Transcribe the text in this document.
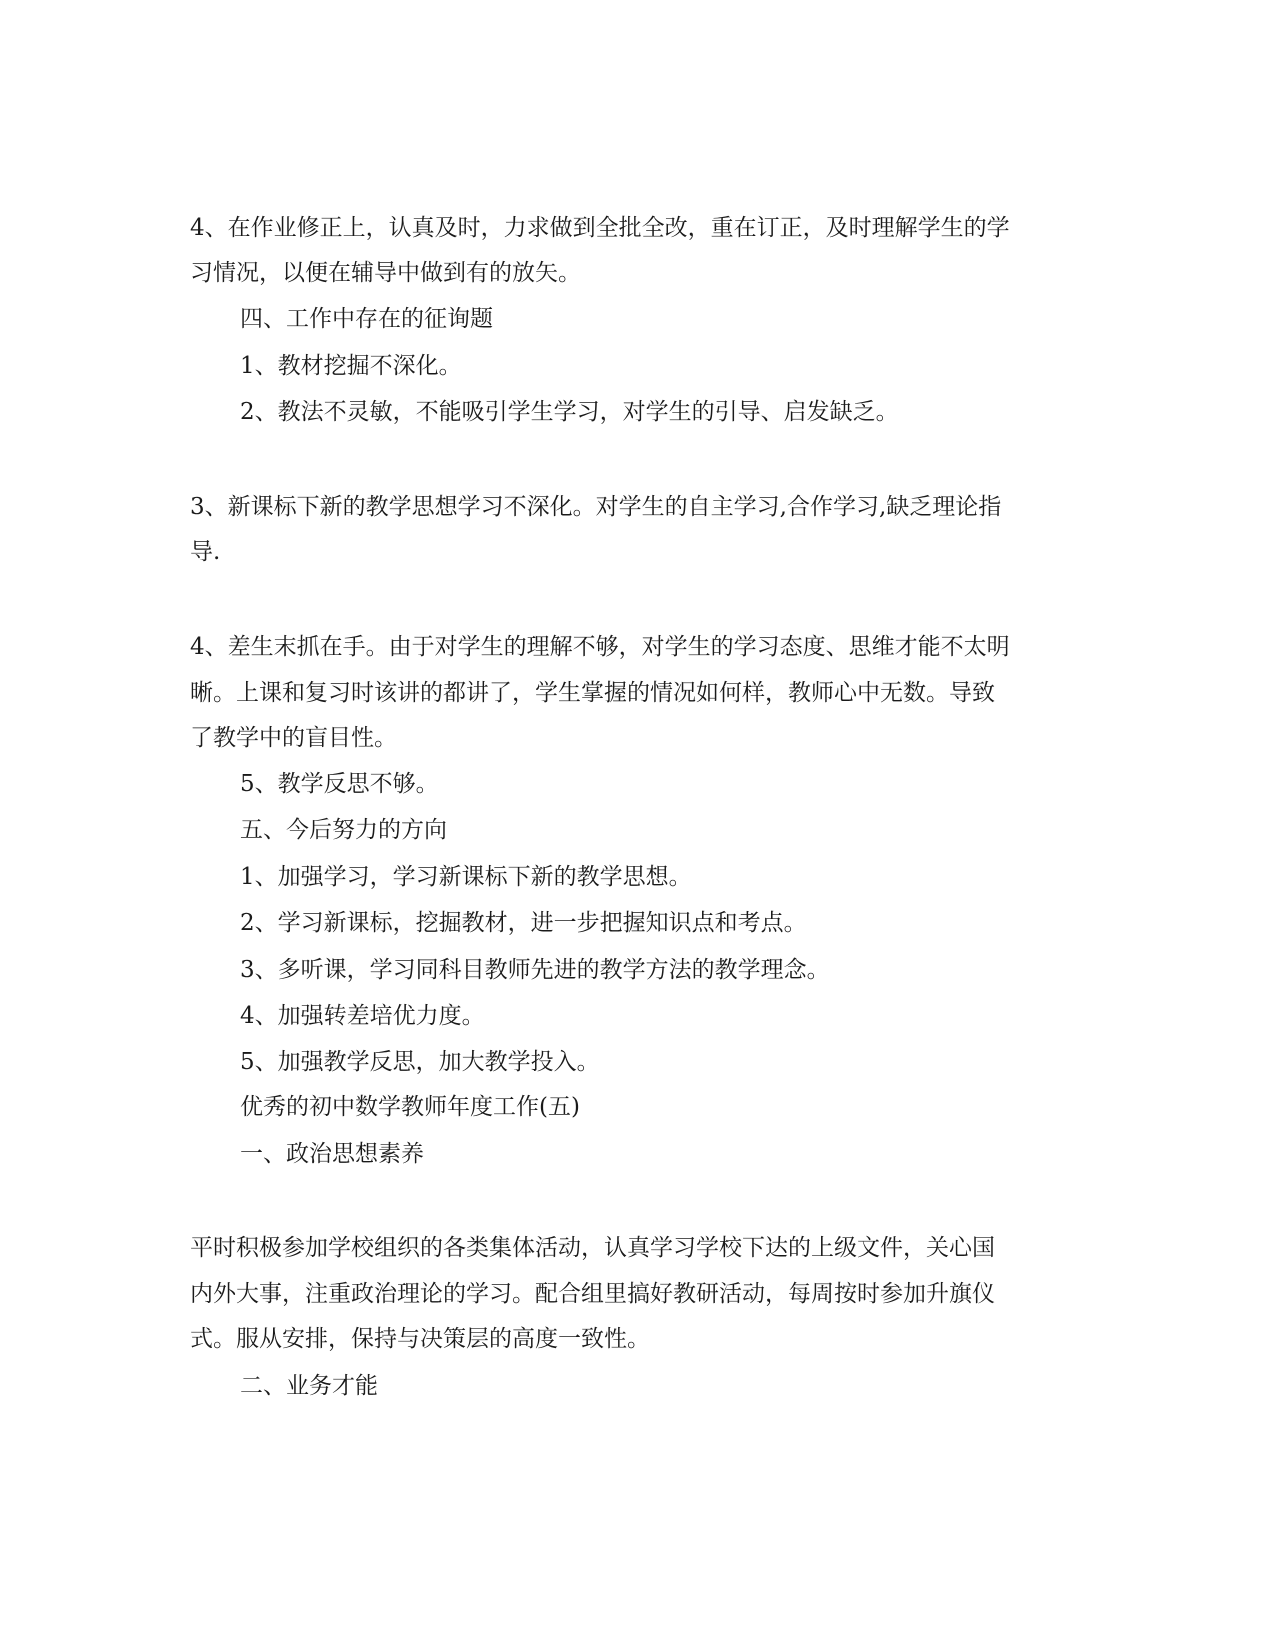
4、在作业修正上，认真及时，力求做到全批全改，重在订正，及时理解学生的学
习情况，以便在辅导中做到有的放矢。
四、工作中存在的征询题
1、教材挖掘不深化。
2、教法不灵敏，不能吸引学生学习，对学生的引导、启发缺乏。
3、新课标下新的教学思想学习不深化。对学生的自主学习,合作学习,缺乏理论指
导.
4、差生末抓在手。由于对学生的理解不够，对学生的学习态度、思维才能不太明
晰。上课和复习时该讲的都讲了，学生掌握的情况如何样，教师心中无数。导致
了教学中的盲目性。
5、教学反思不够。
五、今后努力的方向
1、加强学习，学习新课标下新的教学思想。
2、学习新课标，挖掘教材，进一步把握知识点和考点。
3、多听课，学习同科目教师先进的教学方法的教学理念。
4、加强转差培优力度。
5、加强教学反思，加大教学投入。
优秀的初中数学教师年度工作(五)
一、政治思想素养
平时积极参加学校组织的各类集体活动，认真学习学校下达的上级文件，关心国
内外大事，注重政治理论的学习。配合组里搞好教研活动，每周按时参加升旗仪
式。服从安排，保持与决策层的高度一致性。
二、业务才能
